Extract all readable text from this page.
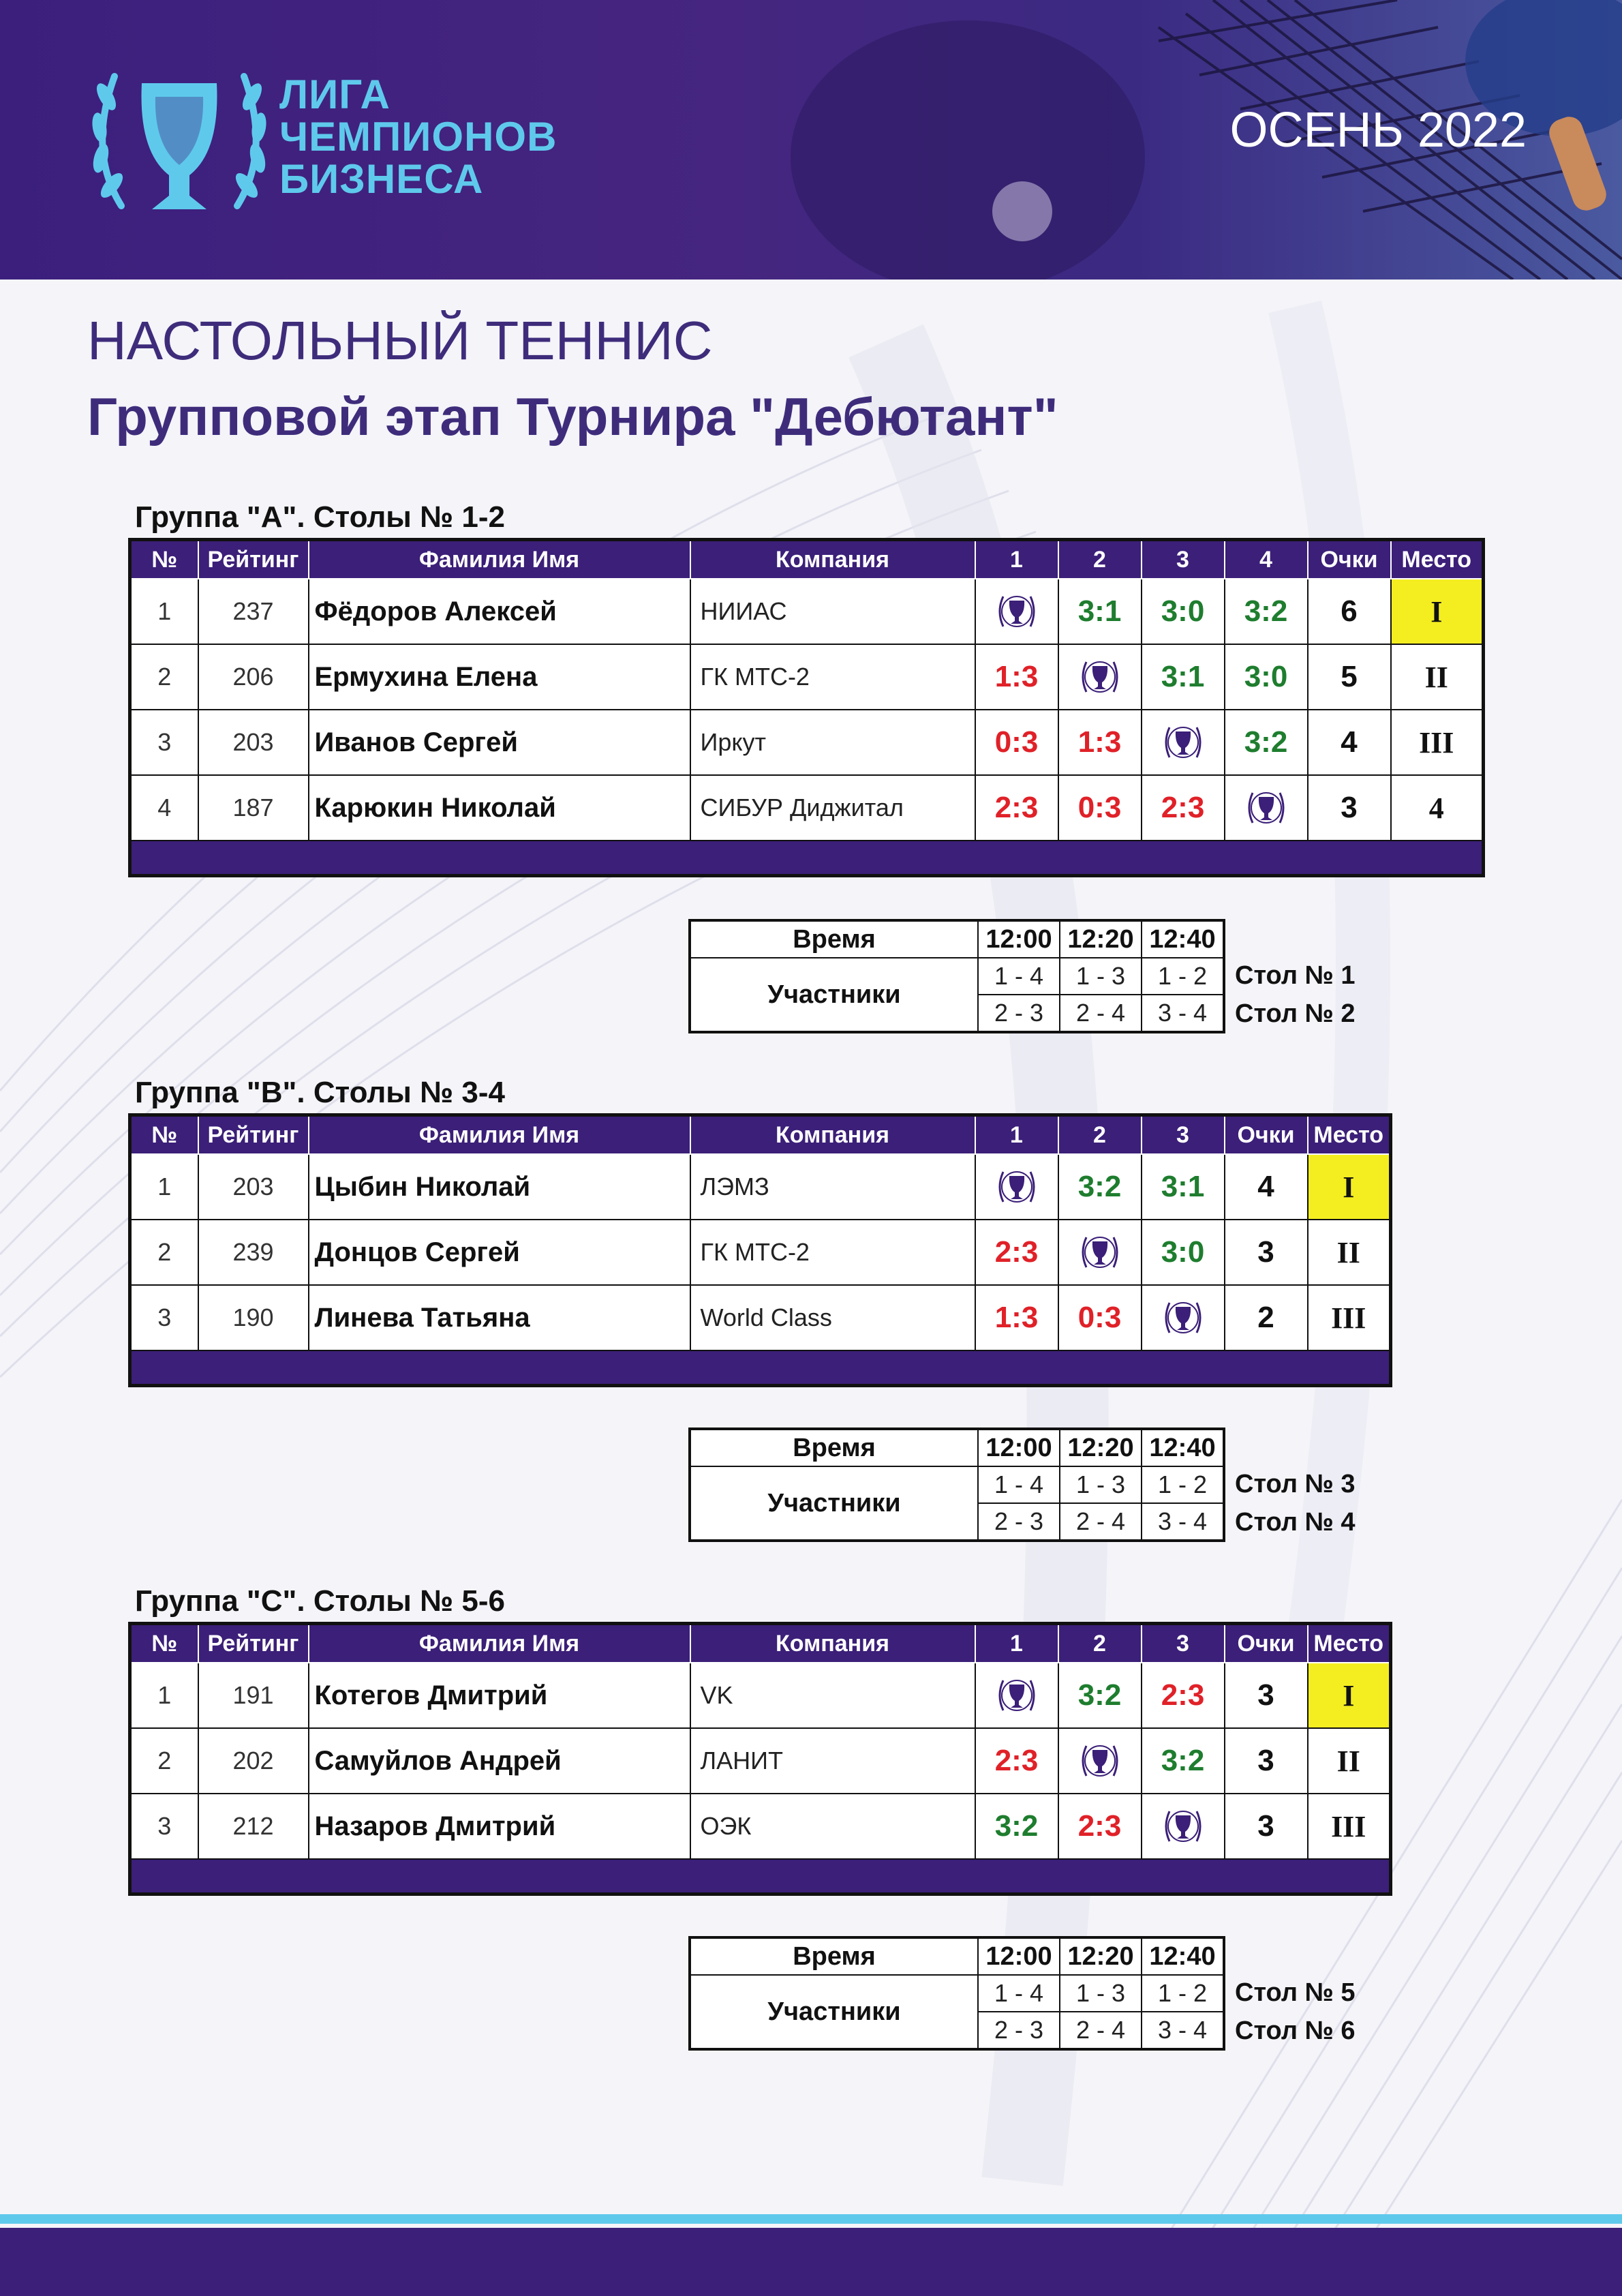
ЛИГА
ЧЕМПИОНОВ
БИЗНЕСА
ОСЕНЬ 2022
НАСТОЛЬНЫЙ ТЕННИС
Групповой этап Турнира "Дебютант"
Группа "А". Столы № 1-2
№	Рейтинг	Фамилия Имя	Компания	1	2	3	4	Очки	Место
1	237	Фёдоров Алексей	НИИАС		3:1	3:0	3:2	6	I
2	206	Ермухина Елена	ГК МТС-2	1:3		3:1	3:0	5	II
3	203	Иванов Сергей	Иркут	0:3	1:3		3:2	4	III
4	187	Карюкин Николай	СИБУР Диджитал	2:3	0:3	2:3		3	4

Время	12:00	12:20	12:40
Участники	1 - 4	1 - 3	1 - 2
	2 - 3	2 - 4	3 - 4
Стол № 1
Стол № 2
Группа "В". Столы № 3-4
№	Рейтинг	Фамилия Имя	Компания	1	2	3	Очки	Место
1	203	Цыбин Николай	ЛЭМЗ		3:2	3:1	4	I
2	239	Донцов Сергей	ГК МТС-2	2:3		3:0	3	II
3	190	Линева Татьяна	World Class	1:3	0:3		2	III

Время	12:00	12:20	12:40
Участники	1 - 4	1 - 3	1 - 2
	2 - 3	2 - 4	3 - 4
Стол № 3
Стол № 4
Группа "С". Столы № 5-6
№	Рейтинг	Фамилия Имя	Компания	1	2	3	Очки	Место
1	191	Котегов Дмитрий	VK		3:2	2:3	3	I
2	202	Самуйлов Андрей	ЛАНИТ	2:3		3:2	3	II
3	212	Назаров Дмитрий	ОЭК	3:2	2:3		3	III

Время	12:00	12:20	12:40
Участники	1 - 4	1 - 3	1 - 2
	2 - 3	2 - 4	3 - 4
Стол № 5
Стол № 6
